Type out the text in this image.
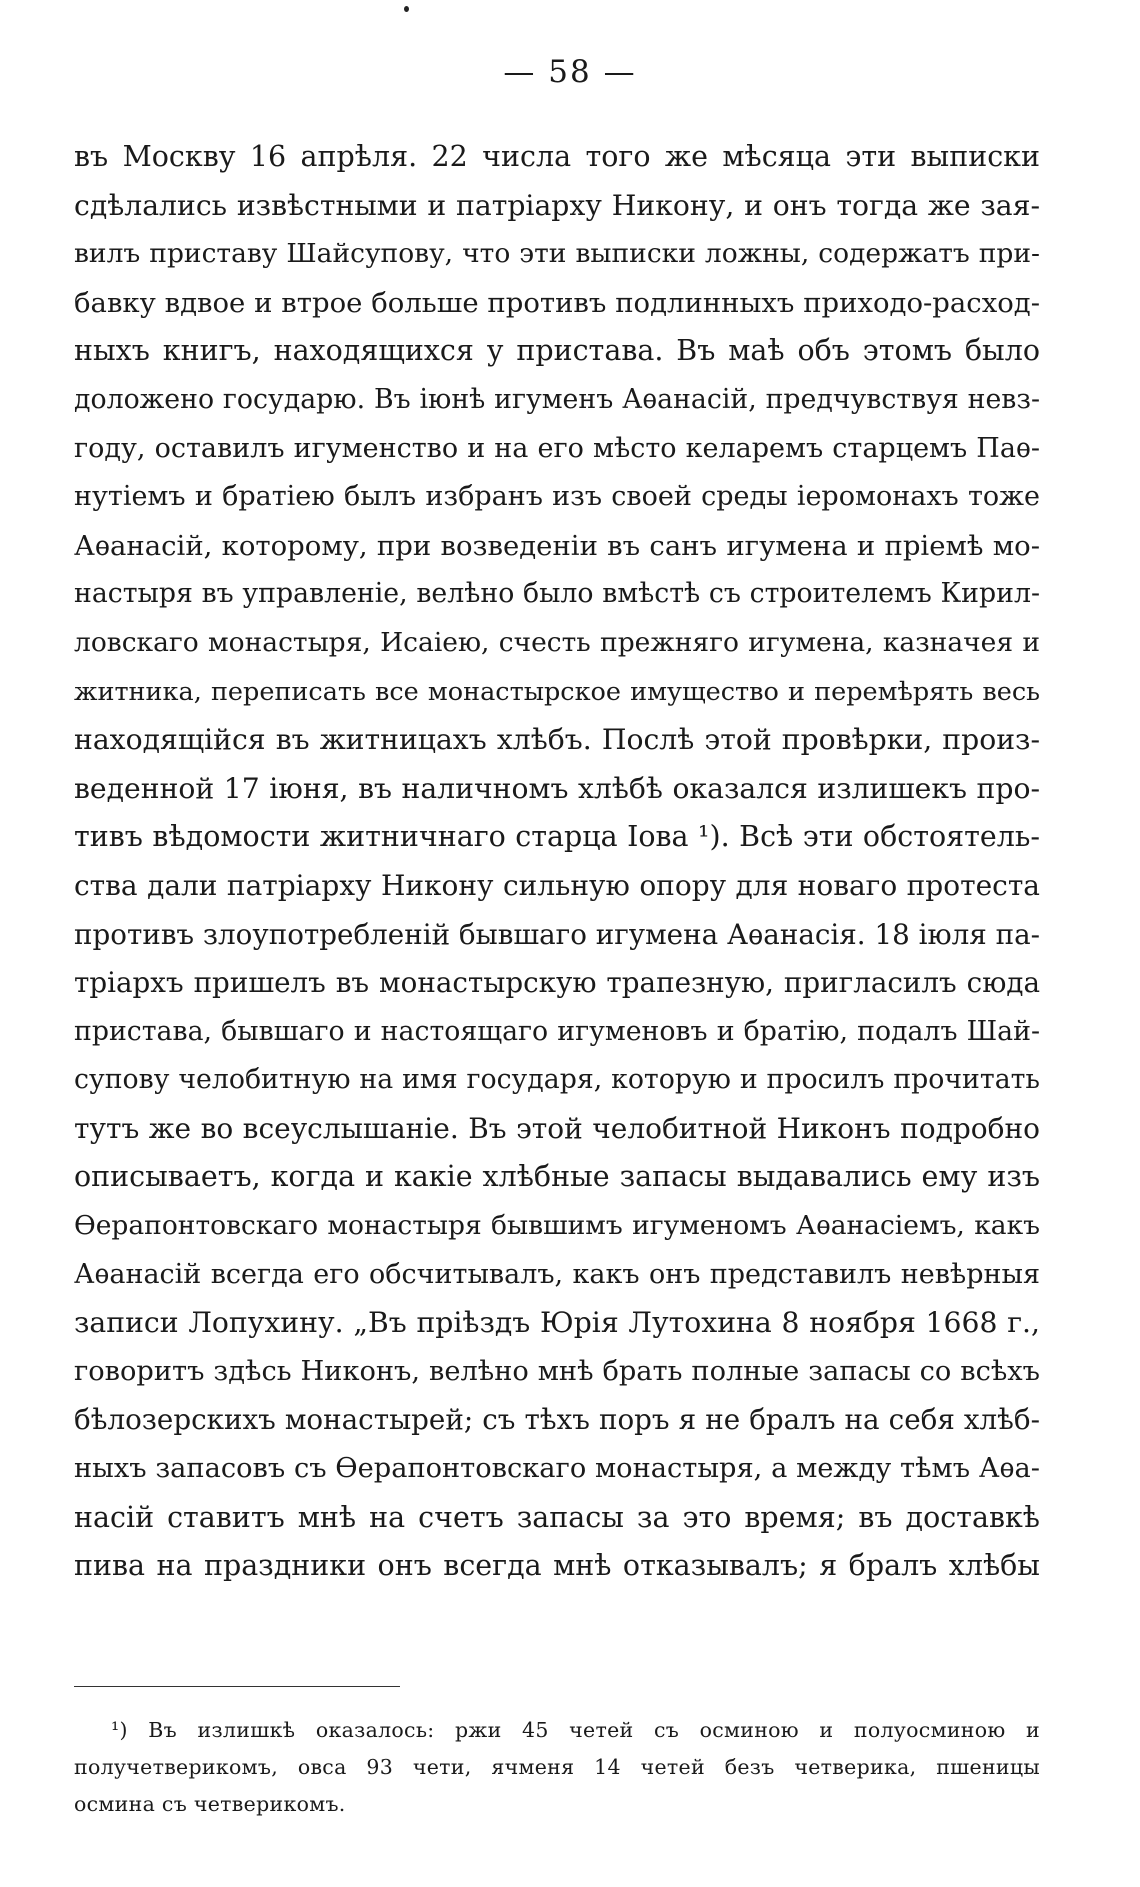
— 58 —
въ Москву 16 апрѣля. 22 числа того же мѣсяца эти выписки
сдѣлались извѣстными и патріарху Никону, и онъ тогда же зая-
вилъ приставу Шайсупову, что эти выписки ложны, содержатъ при-
бавку вдвое и втрое больше противъ подлинныхъ приходо-расход-
ныхъ книгъ, находящихся у пристава. Въ маѣ объ этомъ было
доложено государю. Въ іюнѣ игуменъ Аѳанасій, предчувствуя невз-
году, оставилъ игуменство и на его мѣсто келаремъ старцемъ Паѳ-
нутіемъ и братіею былъ избранъ изъ своей среды іеромонахъ тоже
Аѳанасій, которому, при возведеніи въ санъ игумена и пріемѣ мо-
настыря въ управленіе, велѣно было вмѣстѣ съ строителемъ Кирил-
ловскаго монастыря, Исаіею, счесть прежняго игумена, казначея и
житника, переписать все монастырское имущество и перемѣрять весь
находящійся въ житницахъ хлѣбъ. Послѣ этой провѣрки, произ-
веденной 17 іюня, въ наличномъ хлѣбѣ оказался излишекъ про-
тивъ вѣдомости житничнаго старца Іова ¹). Всѣ эти обстоятель-
ства дали патріарху Никону сильную опору для новаго протеста
противъ злоупотребленій бывшаго игумена Аѳанасія. 18 іюля па-
тріархъ пришелъ въ монастырскую трапезную, пригласилъ сюда
пристава, бывшаго и настоящаго игуменовъ и братію, подалъ Шай-
супову челобитную на имя государя, которую и просилъ прочитать
тутъ же во всеуслышаніе. Въ этой челобитной Никонъ подробно
описываетъ, когда и какіе хлѣбные запасы выдавались ему изъ
Ѳерапонтовскаго монастыря бывшимъ игуменомъ Аѳанасіемъ, какъ
Аѳанасій всегда его обсчитывалъ, какъ онъ представилъ невѣрныя
записи Лопухину. „Въ пріѣздъ Юрія Лутохина 8 ноября 1668 г.,
говоритъ здѣсь Никонъ, велѣно мнѣ брать полные запасы со всѣхъ
бѣлозерскихъ монастырей; съ тѣхъ поръ я не бралъ на себя хлѣб-
ныхъ запасовъ съ Ѳерапонтовскаго монастыря, а между тѣмъ Аѳа-
насій ставитъ мнѣ на счетъ запасы за это время; въ доставкѣ
пива на праздники онъ всегда мнѣ отказывалъ; я бралъ хлѣбы
¹) Въ излишкѣ оказалось: ржи 45 четей съ осминою и полуосминою и
получетверикомъ, овса 93 чети, ячменя 14 четей безъ четверика, пшеницы
осмина съ четверикомъ.
